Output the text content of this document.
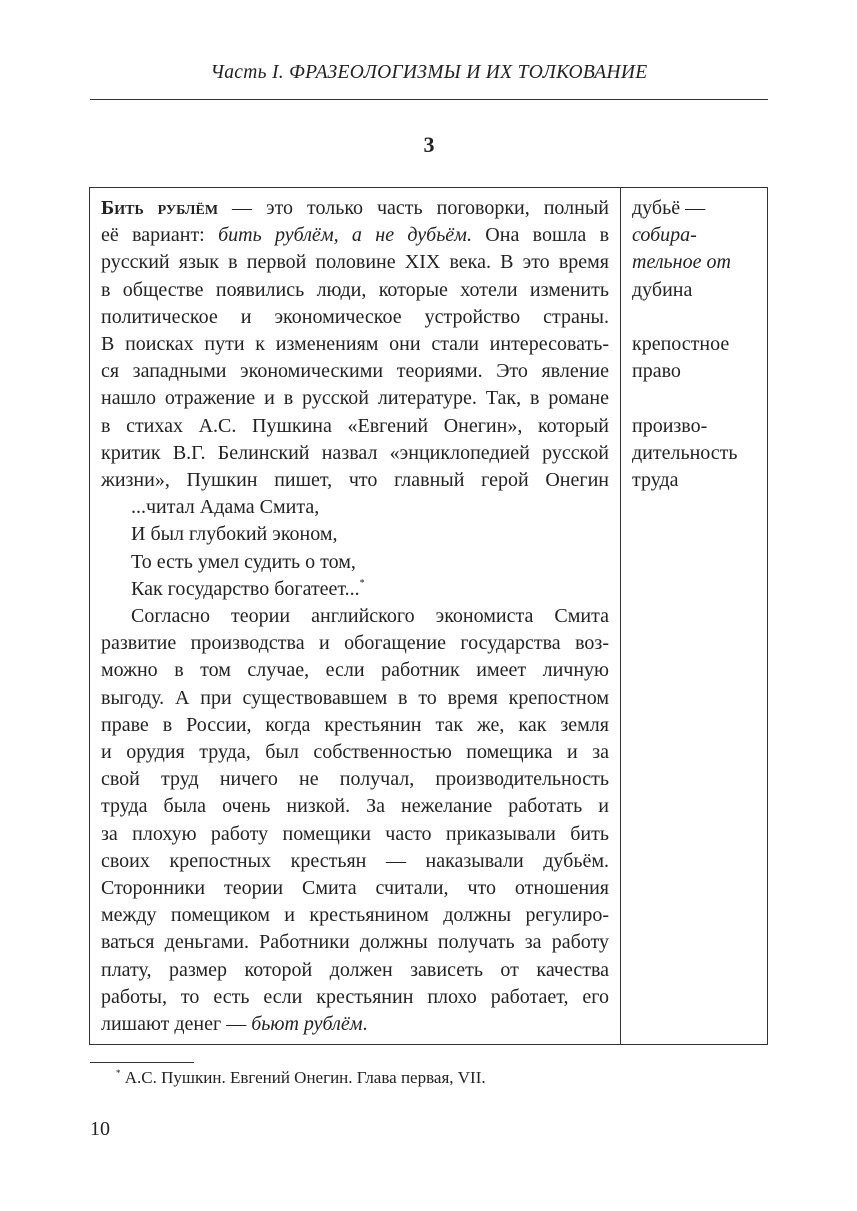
Часть I. ФРАЗЕОЛОГИЗМЫ И ИХ ТОЛКОВАНИЕ
3
Бить рублём — это только часть поговорки, полный
её вариант: бить рублём, а не дубьём. Она вошла в
русский язык в первой половине XIX века. В это время
в обществе появились люди, которые хотели изменить
политическое и экономическое устройство страны.
В поисках пути к изменениям они стали интересовать-
ся западными экономическими теориями. Это явление
нашло отражение и в русской литературе. Так, в романе
в стихах А.С. Пушкина «Евгений Онегин», который
критик В.Г. Белинский назвал «энциклопедией русской
жизни», Пушкин пишет, что главный герой Онегин
...читал Адама Смита,
И был глубокий эконом,
То есть умел судить о том,
Как государство богатеет...*
Согласно теории английского экономиста Смита
развитие производства и обогащение государства воз-
можно в том случае, если работник имеет личную
выгоду. А при существовавшем в то время крепостном
праве в России, когда крестьянин так же, как земля
и орудия труда, был собственностью помещика и за
свой труд ничего не получал, производительность
труда была очень низкой. За нежелание работать и
за плохую работу помещики часто приказывали бить
своих крепостных крестьян — наказывали дубьём.
Сторонники теории Смита считали, что отношения
между помещиком и крестьянином должны регулиро-
ваться деньгами. Работники должны получать за работу
плату, размер которой должен зависеть от качества
работы, то есть если крестьянин плохо работает, его
лишают денег — бьют рублём.
дубьё —
собира-
тельное от
дубина
крепостное
право
произво-
дительность
труда
* А.С. Пушкин. Евгений Онегин. Глава первая, VII.
10
